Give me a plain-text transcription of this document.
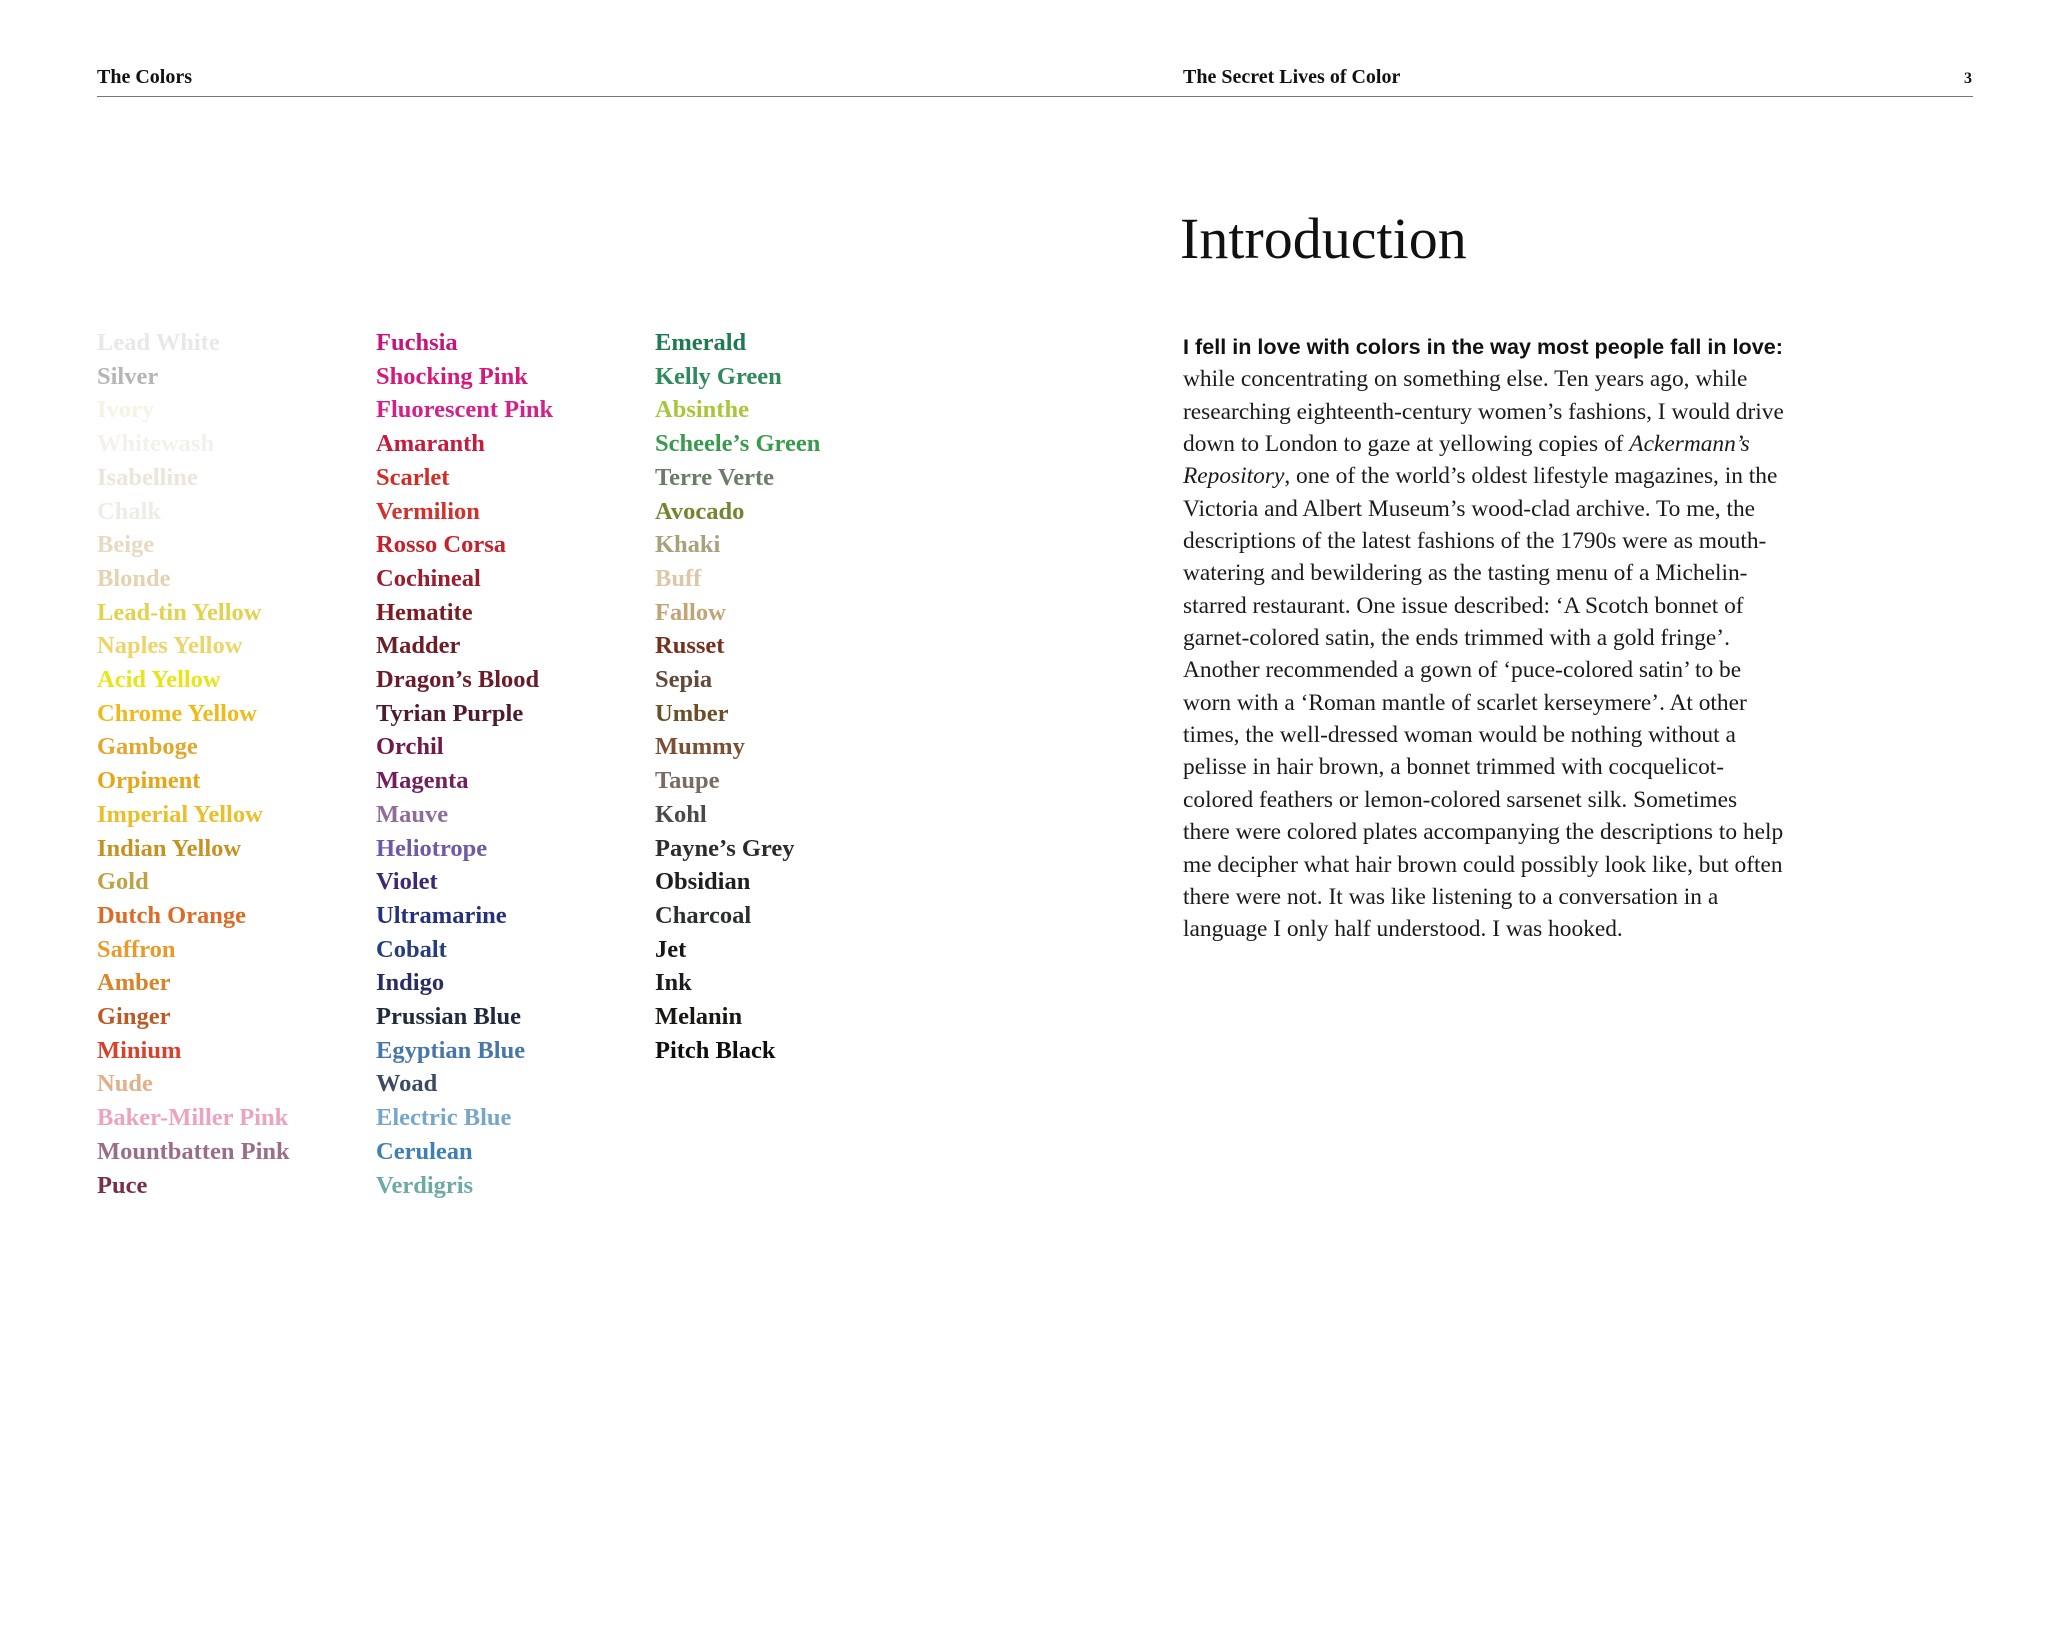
The Colors	The Secret Lives of Color	3
Lead White
Silver
Ivory
Whitewash
Isabelline
Chalk
Beige
Blonde
Lead-tin Yellow
Naples Yellow
Acid Yellow
Chrome Yellow
Gamboge
Orpiment
Imperial Yellow
Indian Yellow
Gold
Dutch Orange
Saffron
Amber
Ginger
Minium
Nude
Baker-Miller Pink
Mountbatten Pink
Puce
Fuchsia
Shocking Pink
Fluorescent Pink
Amaranth
Scarlet
Vermilion
Rosso Corsa
Cochineal
Hematite
Madder
Dragon’s Blood
Tyrian Purple
Orchil
Magenta
Mauve
Heliotrope
Violet
Ultramarine
Cobalt
Indigo
Prussian Blue
Egyptian Blue
Woad
Electric Blue
Cerulean
Verdigris
Emerald
Kelly Green
Absinthe
Scheele’s Green
Terre Verte
Avocado
Khaki
Buff
Fallow
Russet
Sepia
Umber
Mummy
Taupe
Kohl
Payne’s Grey
Obsidian
Charcoal
Jet
Ink
Melanin
Pitch Black
Introduction

I fell in love with colors in the way most people fall in love:
while concentrating on something else. Ten years ago, while
researching eighteenth-century women’s fashions, I would drive
down to London to gaze at yellowing copies of Ackermann’s
Repository, one of the world’s oldest lifestyle magazines, in the
Victoria and Albert Museum’s wood-clad archive. To me, the
descriptions of the latest fashions of the 1790s were as mouth-
watering and bewildering as the tasting menu of a Michelin-
starred restaurant. One issue described: ‘A Scotch bonnet of
garnet-colored satin, the ends trimmed with a gold fringe’.
Another recommended a gown of ‘puce-colored satin’ to be
worn with a ‘Roman mantle of scarlet kerseymere’. At other
times, the well-dressed woman would be nothing without a
pelisse in hair brown, a bonnet trimmed with cocquelicot-
colored feathers or lemon-colored sarsenet silk. Sometimes
there were colored plates accompanying the descriptions to help
me decipher what hair brown could possibly look like, but often
there were not. It was like listening to a conversation in a
language I only half understood. I was hooked.
